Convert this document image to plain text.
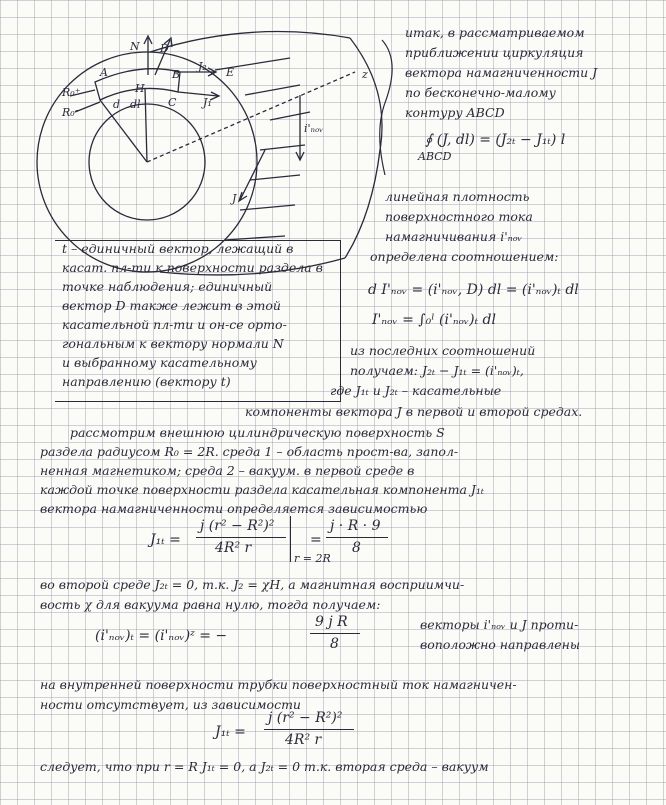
N D
A	B
H
C
J₂ E
J₁
R₀⁺
R₀⁻
d dl
z
i'ₙₒᵥ
J
итак, в рассматриваемом
приближении циркуляция
вектора намагниченности J
по бесконечно-малому
контуру ABCD
∮ (J, dl) = (J₂ₜ − J₁ₜ) l
ABCD
линейная плотность
поверхностного тока
намагничивания i'ₙₒᵥ
определена соотношением:
d I'ₙₒᵥ = (i'ₙₒᵥ, D) dl = (i'ₙₒᵥ)ₜ dl
I'ₙₒᵥ = ∫₀ˡ (i'ₙₒᵥ)ₜ dl
t – единичный вектор, лежащий в
касат. пл-ти к поверхности раздела в
точке наблюдения; единичный
вектор D также лежит в этой
касательной пл-ти и он-се орто-
гональным к вектору нормали N
и выбранному касательному
направлению (вектору t)
из последних соотношений
получаем: J₂ₜ − J₁ₜ = (i'ₙₒᵥ)ₜ,
где J₁ₜ и J₂ₜ – касательные
компоненты вектора J в первой и второй средах.
рассмотрим внешнюю цилиндрическую поверхность S
раздела радиусом R₀ = 2R. среда 1 – область прост-ва, запол-
ненная магнетиком; среда 2 – вакуум. в первой среде в
каждой точке поверхности раздела касательная компонента J₁ₜ
вектора намагниченности определяется зависимостью
J₁ₜ =
j (r² − R²)²
4R² r
r = 2R
=
j · R · 9
8
во второй среде J₂ₜ = 0, т.к. J₂ = χH, а магнитная восприимчи-
вость χ для вакуума равна нулю, тогда получаем:
(i'ₙₒᵥ)ₜ = (i'ₙₒᵥ)ᶻ = −
9 j R
8
векторы i'ₙₒᵥ и J проти-
воположно направлены
на внутренней поверхности трубки поверхностный ток намагничен-
ности отсутствует, из зависимости
J₁ₜ =
j (r² − R²)²
4R² r
следует, что при r = R J₁ₜ = 0, а J₂ₜ = 0 т.к. вторая среда – вакуум
